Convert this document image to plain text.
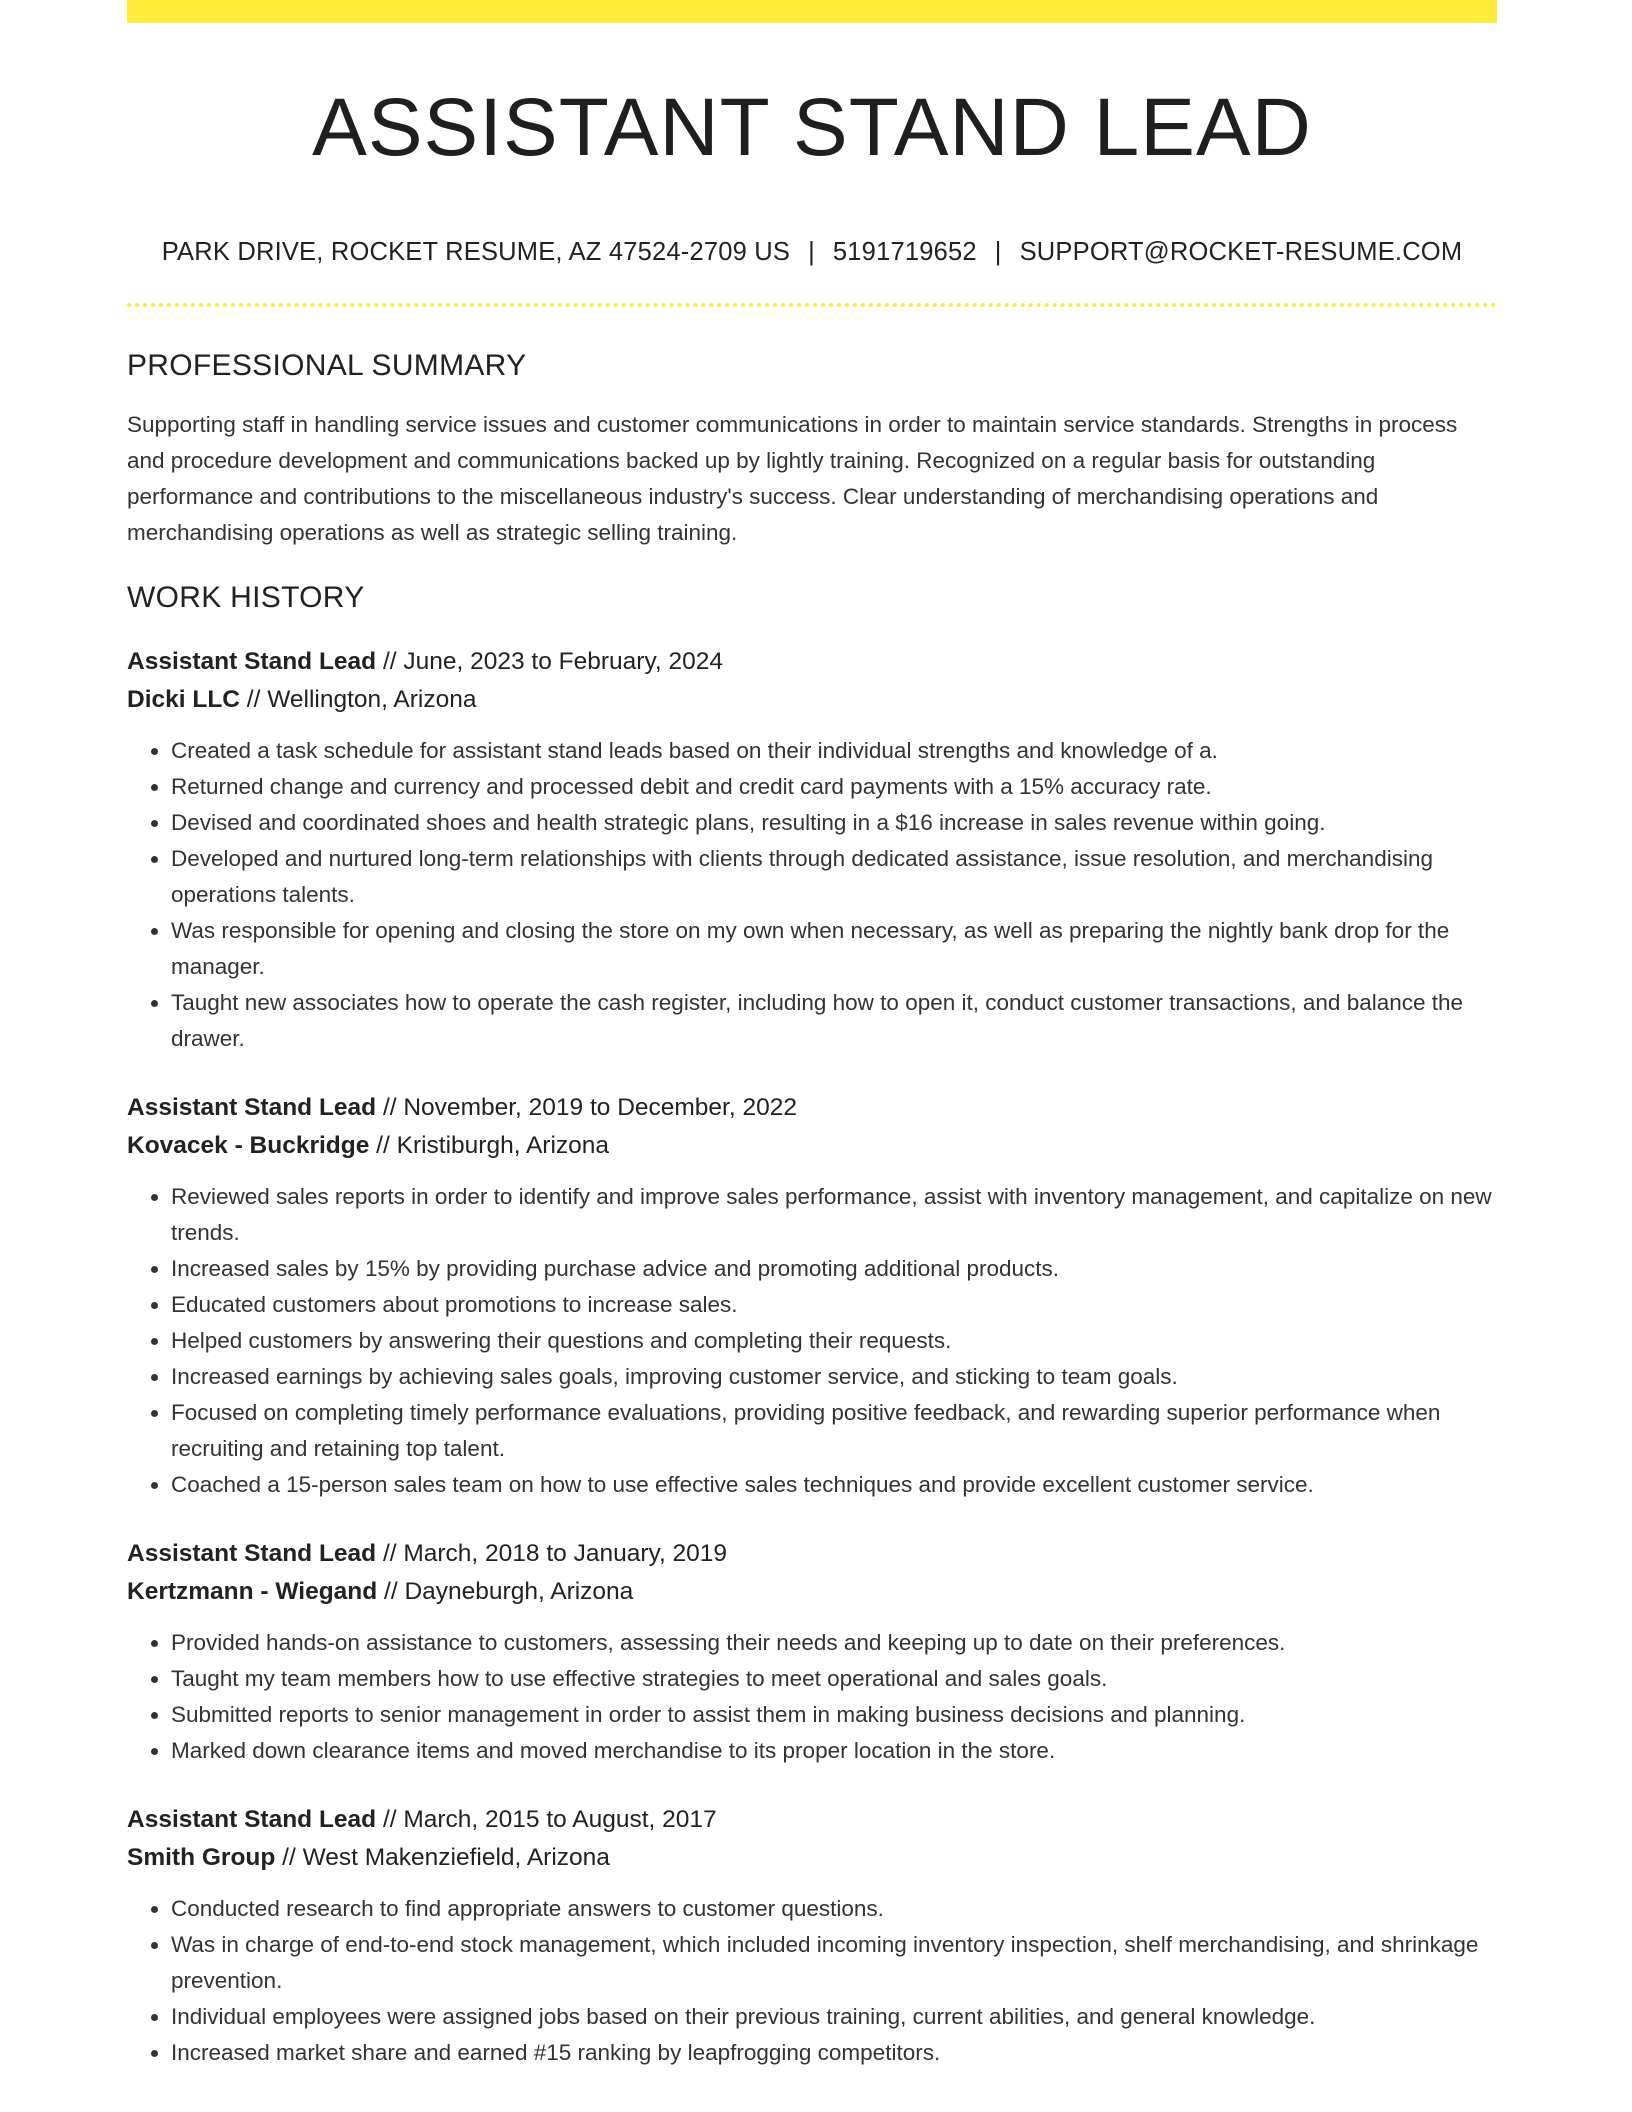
ASSISTANT STAND LEAD
PARK DRIVE, ROCKET RESUME, AZ 47524-2709 US | 5191719652 | SUPPORT@ROCKET-RESUME.COM
PROFESSIONAL SUMMARY

Supporting staff in handling service issues and customer communications in order to maintain service standards. Strengths in process and procedure development and communications backed up by lightly training. Recognized on a regular basis for outstanding performance and contributions to the miscellaneous industry's success. Clear understanding of merchandising operations and merchandising operations as well as strategic selling training.

WORK HISTORY
Assistant Stand Lead // June, 2023 to February, 2024
Dicki LLC // Wellington, Arizona
• Created a task schedule for assistant stand leads based on their individual strengths and knowledge of a.
• Returned change and currency and processed debit and credit card payments with a 15% accuracy rate.
• Devised and coordinated shoes and health strategic plans, resulting in a $16 increase in sales revenue within going.
• Developed and nurtured long-term relationships with clients through dedicated assistance, issue resolution, and merchandising operations talents.
• Was responsible for opening and closing the store on my own when necessary, as well as preparing the nightly bank drop for the manager.
• Taught new associates how to operate the cash register, including how to open it, conduct customer transactions, and balance the drawer.
Assistant Stand Lead // November, 2019 to December, 2022
Kovacek - Buckridge // Kristiburgh, Arizona
• Reviewed sales reports in order to identify and improve sales performance, assist with inventory management, and capitalize on new trends.
• Increased sales by 15% by providing purchase advice and promoting additional products.
• Educated customers about promotions to increase sales.
• Helped customers by answering their questions and completing their requests.
• Increased earnings by achieving sales goals, improving customer service, and sticking to team goals.
• Focused on completing timely performance evaluations, providing positive feedback, and rewarding superior performance when recruiting and retaining top talent.
• Coached a 15-person sales team on how to use effective sales techniques and provide excellent customer service.
Assistant Stand Lead // March, 2018 to January, 2019
Kertzmann - Wiegand // Dayneburgh, Arizona
• Provided hands-on assistance to customers, assessing their needs and keeping up to date on their preferences.
• Taught my team members how to use effective strategies to meet operational and sales goals.
• Submitted reports to senior management in order to assist them in making business decisions and planning.
• Marked down clearance items and moved merchandise to its proper location in the store.
Assistant Stand Lead // March, 2015 to August, 2017
Smith Group // West Makenziefield, Arizona
• Conducted research to find appropriate answers to customer questions.
• Was in charge of end-to-end stock management, which included incoming inventory inspection, shelf merchandising, and shrinkage prevention.
• Individual employees were assigned jobs based on their previous training, current abilities, and general knowledge.
• Increased market share and earned #15 ranking by leapfrogging competitors.
